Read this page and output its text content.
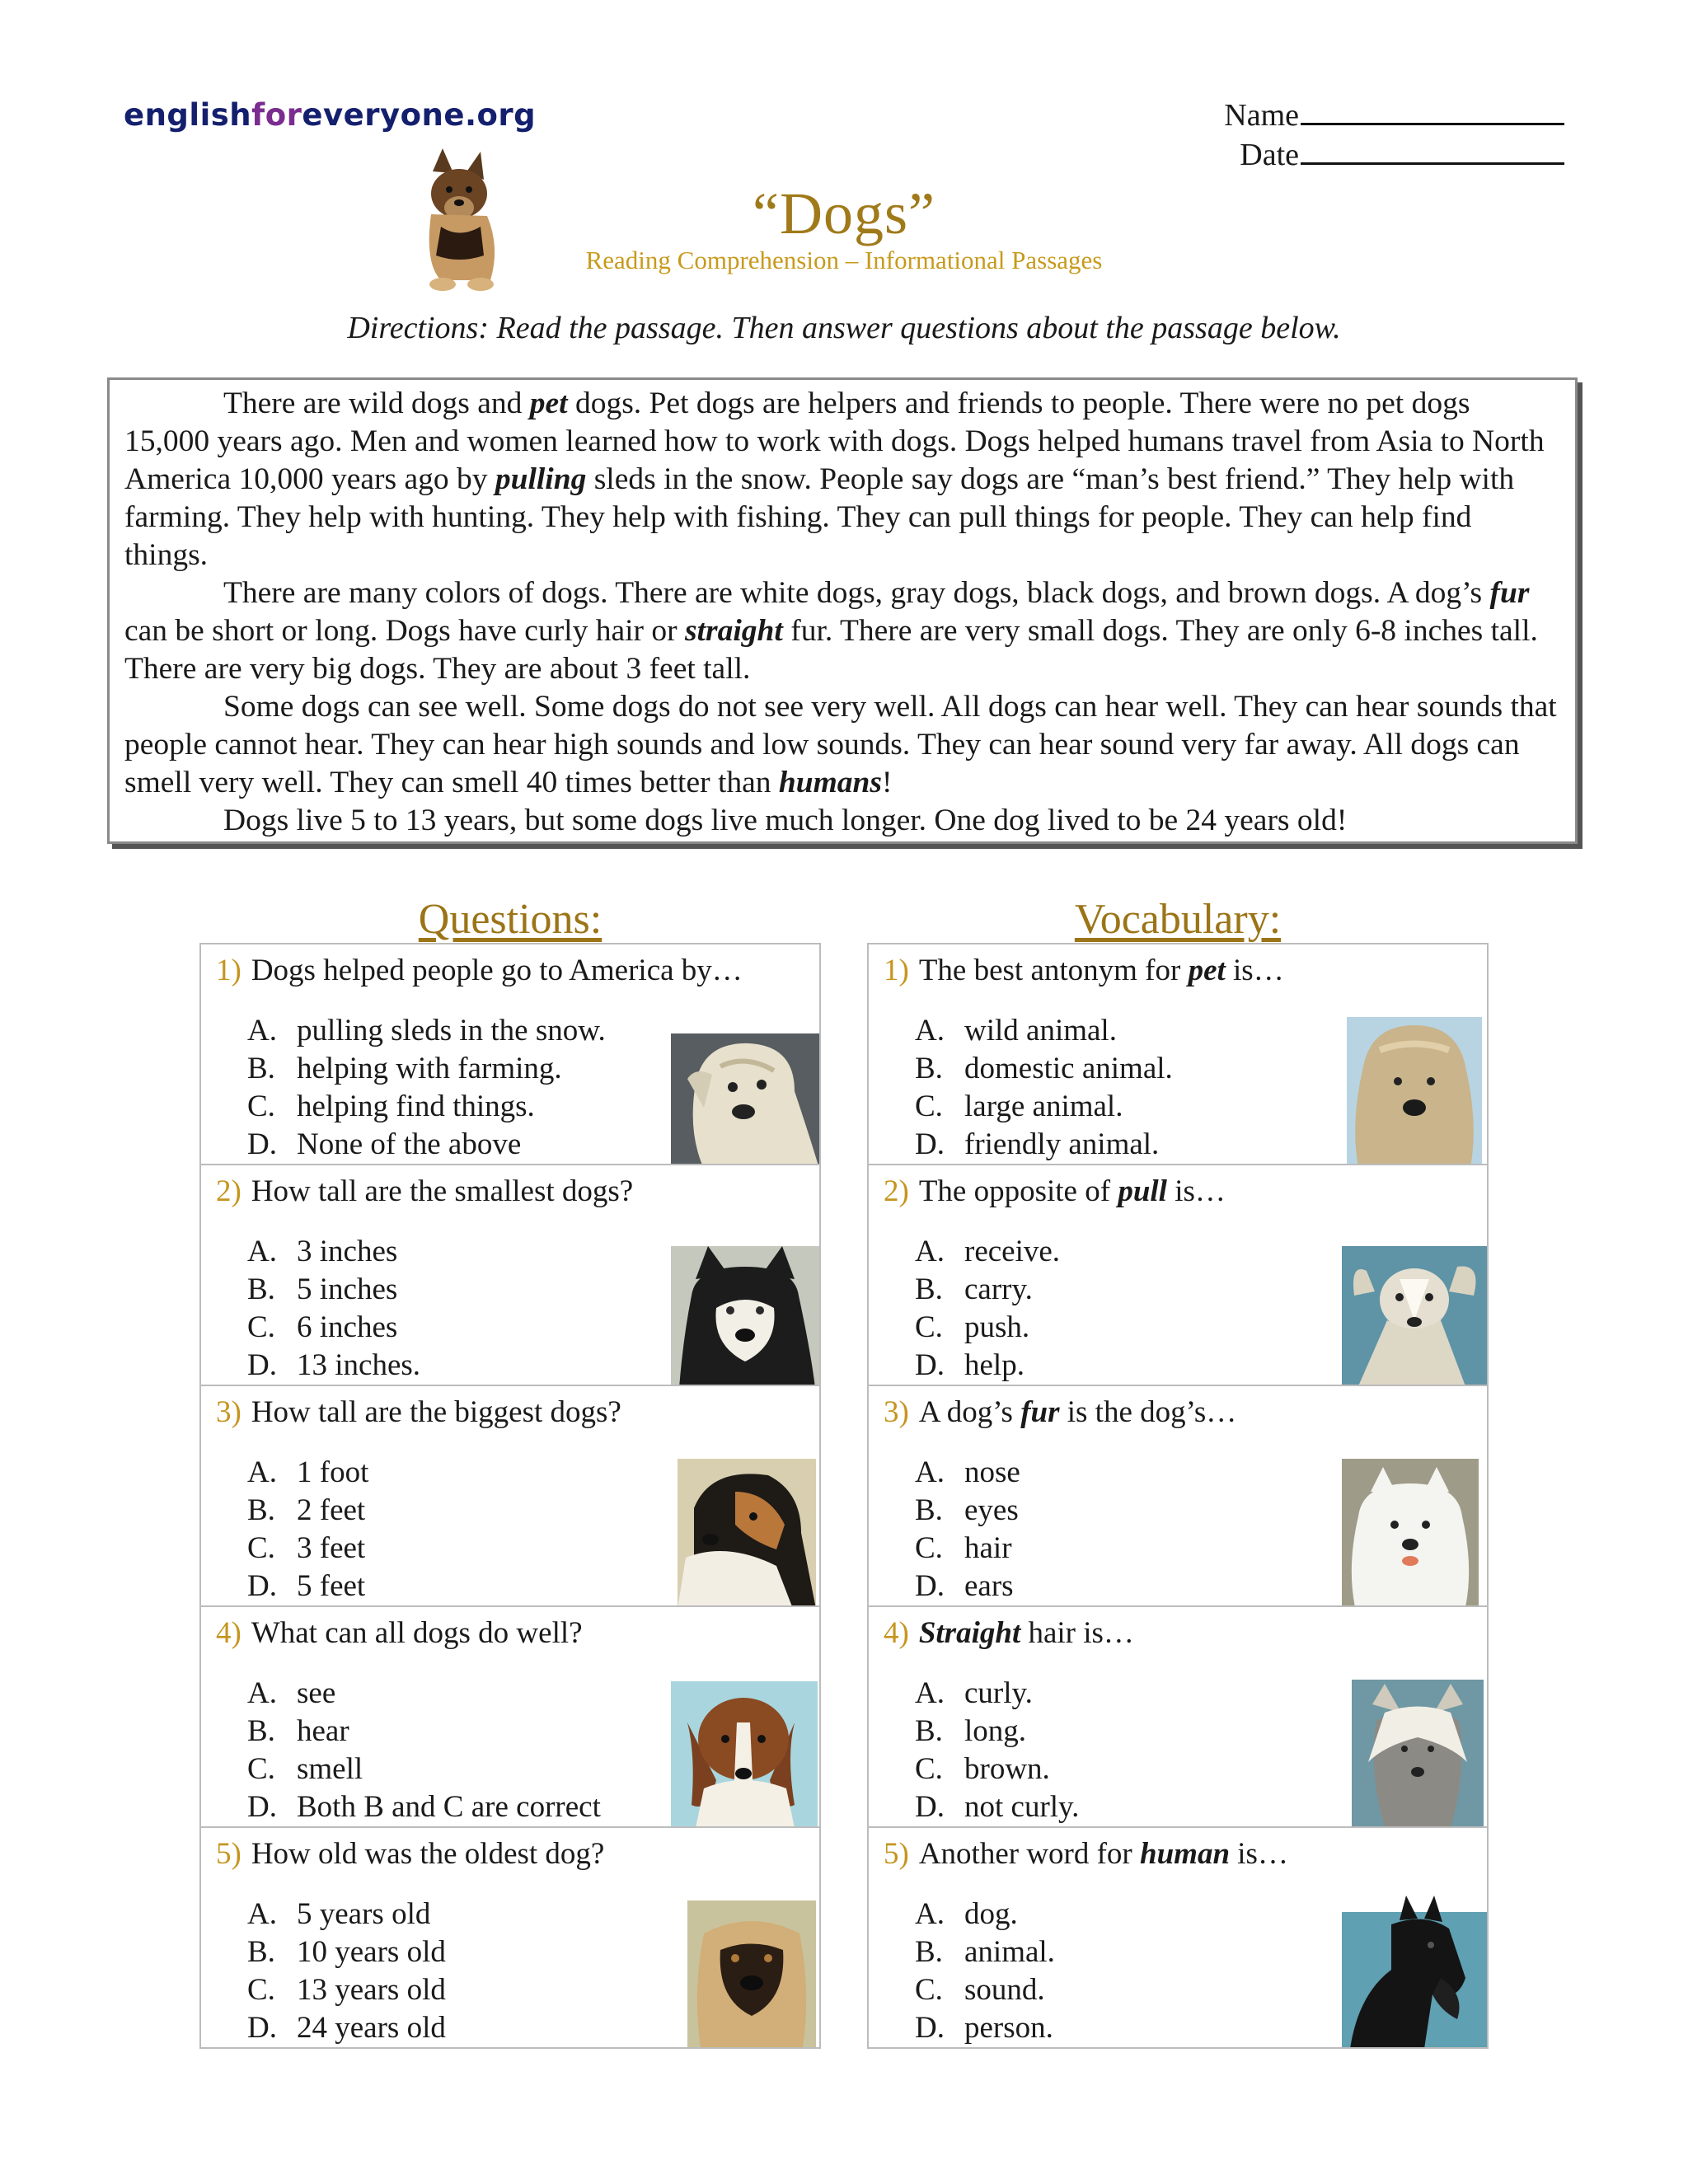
englishforeveryone.org	Name
Date
“Dogs”
Reading Comprehension – Informational Passages
Directions: Read the passage. Then answer questions about the passage below.

There are wild dogs and pet dogs. Pet dogs are helpers and friends to people. There were no pet dogs 15,000 years ago. Men and women learned how to work with dogs. Dogs helped humans travel from Asia to North America 10,000 years ago by pulling sleds in the snow. People say dogs are “man’s best friend.” They help with farming. They help with hunting. They help with fishing. They can pull things for people. They can help find things.

There are many colors of dogs. There are white dogs, gray dogs, black dogs, and brown dogs. A dog’s fur can be short or long. Dogs have curly hair or straight fur. There are very small dogs. They are only 6-8 inches tall. There are very big dogs. They are about 3 feet tall.

Some dogs can see well. Some dogs do not see very well. All dogs can hear well. They can hear sounds that people cannot hear. They can hear high sounds and low sounds. They can hear sound very far away. All dogs can smell very well. They can smell 40 times better than humans!

Dogs live 5 to 13 years, but some dogs live much longer. One dog lived to be 24 years old!

Questions:	Vocabulary:
1) Dogs helped people go to America by…
A. pulling sleds in the snow.
B. helping with farming.
C. helping find things.
D. None of the above
2) How tall are the smallest dogs?
A. 3 inches
B. 5 inches
C. 6 inches
D. 13 inches.
3) How tall are the biggest dogs?
A. 1 foot
B. 2 feet
C. 3 feet
D. 5 feet
4) What can all dogs do well?
A. see
B. hear
C. smell
D. Both B and C are correct
5) How old was the oldest dog?
A. 5 years old
B. 10 years old
C. 13 years old
D. 24 years old
1) The best antonym for pet is…
A. wild animal.
B. domestic animal.
C. large animal.
D. friendly animal.
2) The opposite of pull is…
A. receive.
B. carry.
C. push.
D. help.
3) A dog’s fur is the dog’s…
A. nose
B. eyes
C. hair
D. ears
4) Straight hair is…
A. curly.
B. long.
C. brown.
D. not curly.
5) Another word for human is…
A. dog.
B. animal.
C. sound.
D. person.
